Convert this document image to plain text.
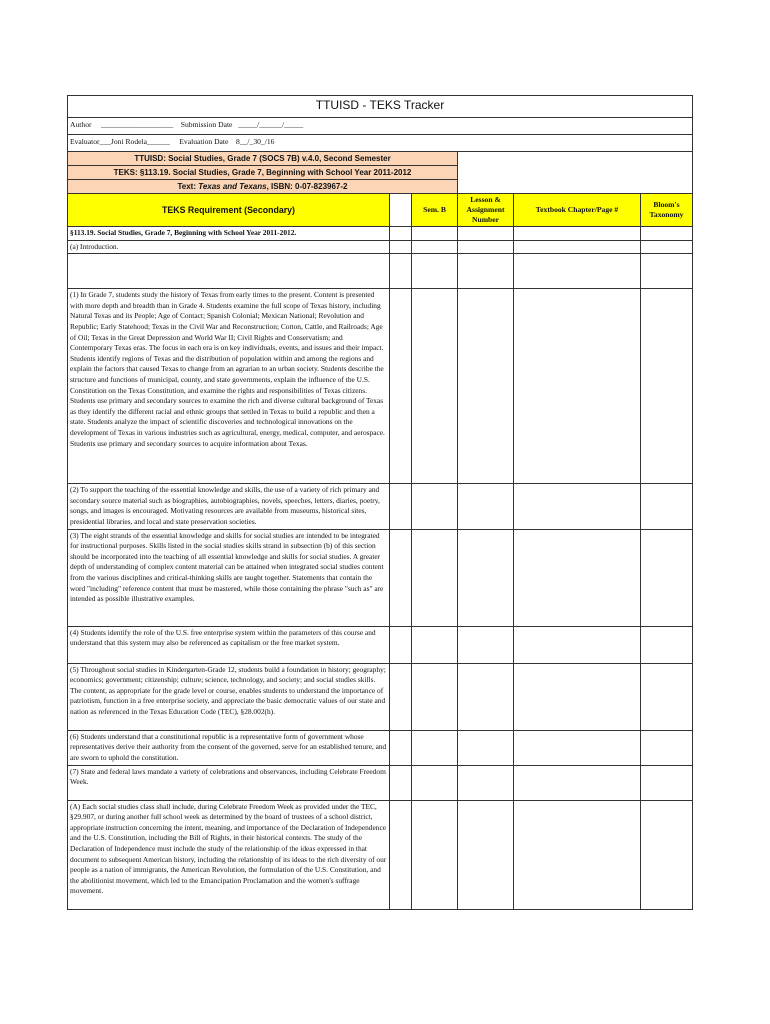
TTUISD - TEKS Tracker					
Author ___________________ Submission Date _____/______/_____					
Evaluator___Joni Rodela______ Evaluation Date 8__/_30_/16					
TTUISD: Social Studies, Grade 7 (SOCS 7B) v.4.0, Second Semester					
TEKS: §113.19. Social Studies, Grade 7, Beginning with School Year 2011-2012					
Text: Texas and Texans, ISBN: 0-07-823967-2					
TEKS Requirement (Secondary)		Sem. B	Lesson & Assignment Number	Textbook Chapter/Page #	Bloom's Taxonomy
§113.19. Social Studies, Grade 7, Beginning with School Year 2011-2012.					
(a) Introduction.					

(1) In Grade 7, students study the history of Texas from early times to the present. Content is presented with more depth and breadth than in Grade 4. Students examine the full scope of Texas history, including Natural Texas and its People; Age of Contact; Spanish Colonial; Mexican National; Revolution and Republic; Early Statehood; Texas in the Civil War and Reconstruction; Cotton, Cattle, and Railroads; Age of Oil; Texas in the Great Depression and World War II; Civil Rights and Conservatism; and Contemporary Texas eras. The focus in each era is on key individuals, events, and issues and their impact. Students identify regions of Texas and the distribution of population within and among the regions and explain the factors that caused Texas to change from an agrarian to an urban society. Students describe the structure and functions of municipal, county, and state governments, explain the influence of the U.S. Constitution on the Texas Constitution, and examine the rights and responsibilities of Texas citizens. Students use primary and secondary sources to examine the rich and diverse cultural background of Texas as they identify the different racial and ethnic groups that settled in Texas to build a republic and then a state. Students analyze the impact of scientific discoveries and technological innovations on the development of Texas in various industries such as agricultural, energy, medical, computer, and aerospace. Students use primary and secondary sources to acquire information about Texas.					
(2) To support the teaching of the essential knowledge and skills, the use of a variety of rich primary and secondary source material such as biographies, autobiographies, novels, speeches, letters, diaries, poetry, songs, and images is encouraged. Motivating resources are available from museums, historical sites, presidential libraries, and local and state preservation societies.					
(3) The eight strands of the essential knowledge and skills for social studies are intended to be integrated for instructional purposes. Skills listed in the social studies skills strand in subsection (b) of this section should be incorporated into the teaching of all essential knowledge and skills for social studies. A greater depth of understanding of complex content material can be attained when integrated social studies content from the various disciplines and critical-thinking skills are taught together. Statements that contain the word "including" reference content that must be mastered, while those containing the phrase "such as" are intended as possible illustrative examples.					
(4) Students identify the role of the U.S. free enterprise system within the parameters of this course and understand that this system may also be referenced as capitalism or the free market system.					
(5) Throughout social studies in Kindergarten-Grade 12, students build a foundation in history; geography; economics; government; citizenship; culture; science, technology, and society; and social studies skills. The content, as appropriate for the grade level or course, enables students to understand the importance of patriotism, function in a free enterprise society, and appreciate the basic democratic values of our state and nation as referenced in the Texas Education Code (TEC), §28.002(h).					
(6) Students understand that a constitutional republic is a representative form of government whose representatives derive their authority from the consent of the governed, serve for an established tenure, and are sworn to uphold the constitution.					
(7) State and federal laws mandate a variety of celebrations and observances, including Celebrate Freedom Week.					
(A) Each social studies class shall include, during Celebrate Freedom Week as provided under the TEC, §29.907, or during another full school week as determined by the board of trustees of a school district, appropriate instruction concerning the intent, meaning, and importance of the Declaration of Independence and the U.S. Constitution, including the Bill of Rights, in their historical contexts. The study of the Declaration of Independence must include the study of the relationship of the ideas expressed in that document to subsequent American history, including the relationship of its ideas to the rich diversity of our people as a nation of immigrants, the American Revolution, the formulation of the U.S. Constitution, and the abolitionist movement, which led to the Emancipation Proclamation and the women's suffrage movement.					
